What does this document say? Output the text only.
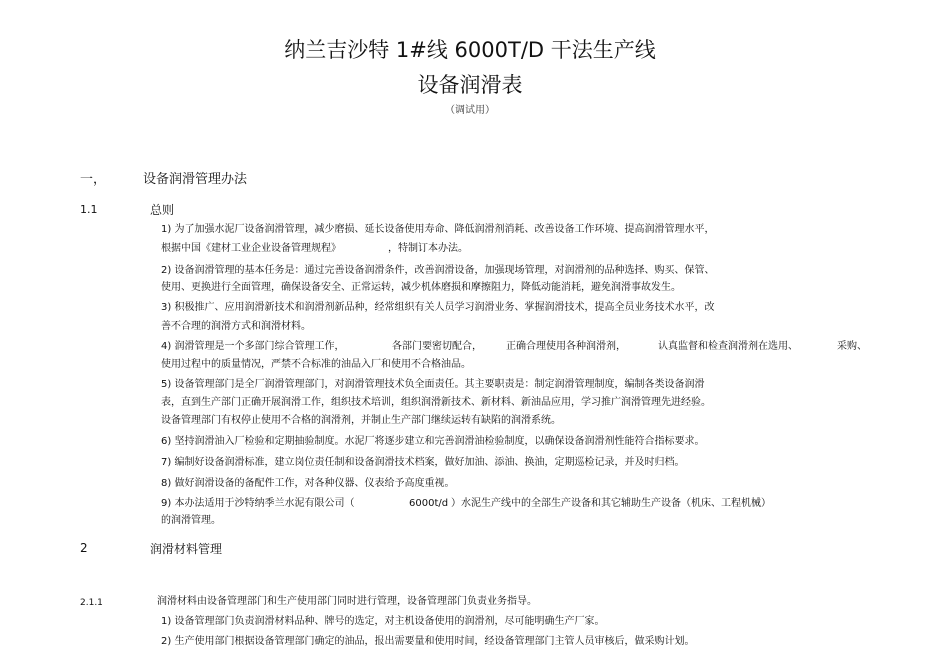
纳兰吉沙特 1#线 6000T/D 干法生产线
设备润滑表
（调试用）
一，	设备润滑管理办法
1.1	总则
1) 为了加强水泥厂设备润滑管理，减少磨损、延长设备使用寿命、降低润滑剂消耗、改善设备工作环境、提高润滑管理水平，
根据中国《建材工业企业设备管理规程》	，特制订本办法。
2) 设备润滑管理的基本任务是：通过完善设备润滑条件，改善润滑设备，加强现场管理，对润滑剂的品种选择、购买、保管、
使用、更换进行全面管理，确保设备安全、正常运转，减少机体磨损和摩擦阻力，降低动能消耗，避免润滑事故发生。
3) 积极推广、应用润滑新技术和润滑剂新品种，经常组织有关人员学习润滑业务、掌握润滑技术，提高全员业务技术水平，改
善不合理的润滑方式和润滑材料。
4) 润滑管理是一个多部门综合管理工作，	各部门要密切配合， 正确合理使用各种润滑剂，	认真监督和检查润滑剂在选用、	采购、
使用过程中的质量情况，严禁不合标准的油品入厂和使用不合格油品。
5) 设备管理部门是全厂润滑管理部门，对润滑管理技术负全面责任。其主要职责是：制定润滑管理制度，编制各类设备润滑
表，直到生产部门正确开展润滑工作，组织技术培训，组织润滑新技术、新材料、新油品应用，学习推广润滑管理先进经验。
设备管理部门有权停止使用不合格的润滑剂，并制止生产部门继续运转有缺陷的润滑系统。
6) 坚持润滑油入厂检验和定期抽验制度。水泥厂将逐步建立和完善润滑油检验制度，以确保设备润滑剂性能符合指标要求。
7) 编制好设备润滑标准，建立岗位责任制和设备润滑技术档案，做好加油、添油、换油，定期巡检记录，并及时归档。
8) 做好润滑设备的备配件工作，对各种仪器、仪表给予高度重视。
9) 本办法适用于沙特纳季兰水泥有限公司（	6000t/d ）水泥生产线中的全部生产设备和其它辅助生产设备（机床、工程机械）
的润滑管理。
2	润滑材料管理
2.1.1	润滑材料由设备管理部门和生产使用部门同时进行管理，设备管理部门负责业务指导。
1) 设备管理部门负责润滑材料品种、牌号的选定，对主机设备使用的润滑剂，尽可能明确生产厂家。
2) 生产使用部门根据设备管理部门确定的油品，报出需要量和使用时间，经设备管理部门主管人员审核后，做采购计划。
